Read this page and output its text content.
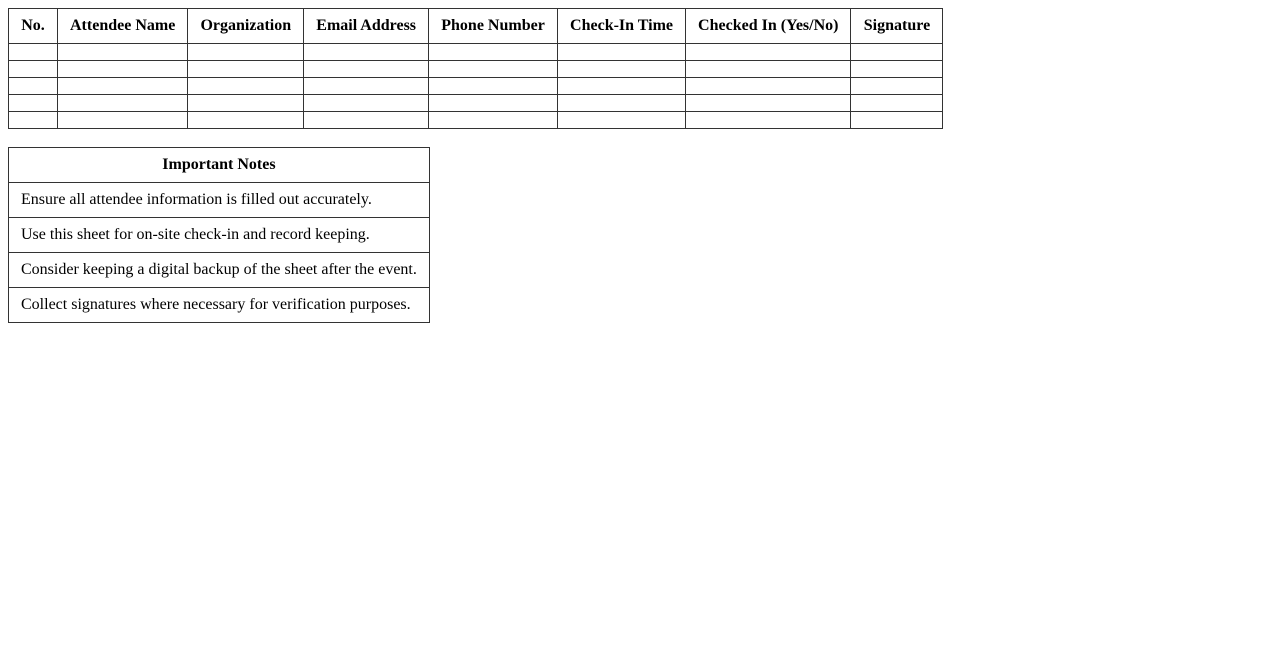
No.	Attendee Name	Organization	Email Address	Phone Number	Check-In Time	Checked In (Yes/No)	Signature

Important Notes
Ensure all attendee information is filled out accurately.
Use this sheet for on-site check-in and record keeping.
Consider keeping a digital backup of the sheet after the event.
Collect signatures where necessary for verification purposes.
